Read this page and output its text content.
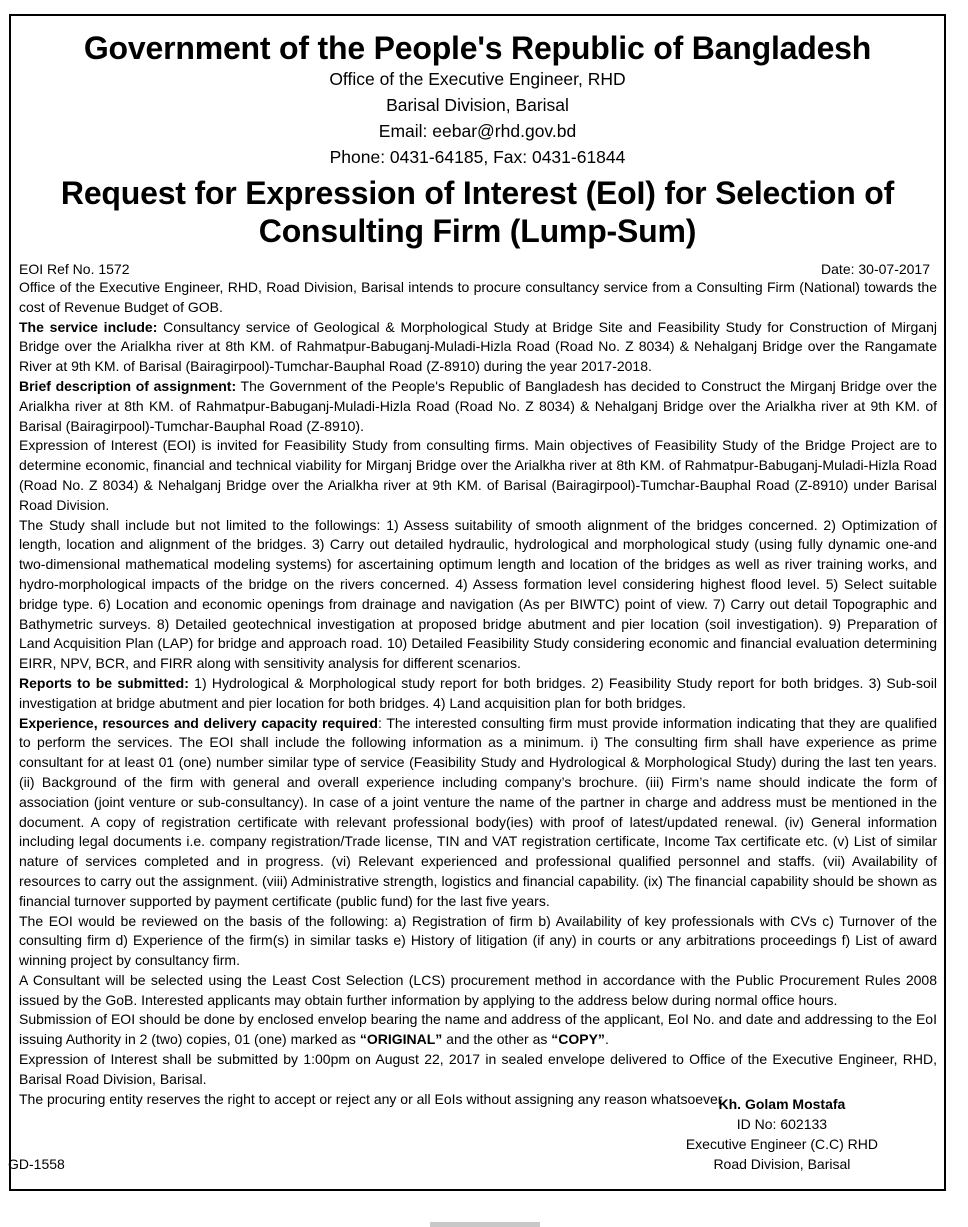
Government of the People's Republic of Bangladesh
Office of the Executive Engineer, RHD
Barisal Division, Barisal
Email: eebar@rhd.gov.bd
Phone: 0431-64185, Fax: 0431-61844
Request for Expression of Interest (EoI) for Selection of Consulting Firm (Lump-Sum)
EOI Ref No. 1572	Date: 30-07-2017

Office of the Executive Engineer, RHD, Road Division, Barisal intends to procure consultancy service from a Consulting Firm (National) towards the cost of Revenue Budget of GOB.

The service include: Consultancy service of Geological & Morphological Study at Bridge Site and Feasibility Study for Construction of Mirganj Bridge over the Arialkha river at 8th KM. of Rahmatpur-Babuganj-Muladi-Hizla Road (Road No. Z 8034) & Nehalganj Bridge over the Rangamate River at 9th KM. of Barisal (Bairagirpool)-Tumchar-Bauphal Road (Z-8910) during the year 2017-2018.

Brief description of assignment: The Government of the People's Republic of Bangladesh has decided to Construct the Mirganj Bridge over the Arialkha river at 8th KM. of Rahmatpur-Babuganj-Muladi-Hizla Road (Road No. Z 8034) & Nehalganj Bridge over the Arialkha river at 9th KM. of Barisal (Bairagirpool)-Tumchar-Bauphal Road (Z-8910).

Expression of Interest (EOI) is invited for Feasibility Study from consulting firms. Main objectives of Feasibility Study of the Bridge Project are to determine economic, financial and technical viability for Mirganj Bridge over the Arialkha river at 8th KM. of Rahmatpur-Babuganj-Muladi-Hizla Road (Road No. Z 8034) & Nehalganj Bridge over the Arialkha river at 9th KM. of Barisal (Bairagirpool)-Tumchar-Bauphal Road (Z-8910) under Barisal Road Division.

The Study shall include but not limited to the followings: 1) Assess suitability of smooth alignment of the bridges concerned. 2) Optimization of length, location and alignment of the bridges. 3) Carry out detailed hydraulic, hydrological and morphological study (using fully dynamic one-and two-dimensional mathematical modeling systems) for ascertaining optimum length and location of the bridges as well as river training works, and hydro-morphological impacts of the bridge on the rivers concerned. 4) Assess formation level considering highest flood level. 5) Select suitable bridge type. 6) Location and economic openings from drainage and navigation (As per BIWTC) point of view. 7) Carry out detail Topographic and Bathymetric surveys. 8) Detailed geotechnical investigation at proposed bridge abutment and pier location (soil investigation). 9) Preparation of Land Acquisition Plan (LAP) for bridge and approach road. 10) Detailed Feasibility Study considering economic and financial evaluation determining EIRR, NPV, BCR, and FIRR along with sensitivity analysis for different scenarios.

Reports to be submitted: 1) Hydrological & Morphological study report for both bridges. 2) Feasibility Study report for both bridges. 3) Sub-soil investigation at bridge abutment and pier location for both bridges. 4) Land acquisition plan for both bridges.

Experience, resources and delivery capacity required: The interested consulting firm must provide information indicating that they are qualified to perform the services. The EOI shall include the following information as a minimum. i) The consulting firm shall have experience as prime consultant for at least 01 (one) number similar type of service (Feasibility Study and Hydrological & Morphological Study) during the last ten years. (ii) Background of the firm with general and overall experience including company’s brochure. (iii) Firm’s name should indicate the form of association (joint venture or sub-consultancy). In case of a joint venture the name of the partner in charge and address must be mentioned in the document. A copy of registration certificate with relevant professional body(ies) with proof of latest/updated renewal. (iv) General information including legal documents i.e. company registration/Trade license, TIN and VAT registration certificate, Income Tax certificate etc. (v) List of similar nature of services completed and in progress. (vi) Relevant experienced and professional qualified personnel and staffs. (vii) Availability of resources to carry out the assignment. (viii) Administrative strength, logistics and financial capability. (ix) The financial capability should be shown as financial turnover supported by payment certificate (public fund) for the last five years.

The EOI would be reviewed on the basis of the following: a) Registration of firm b) Availability of key professionals with CVs c) Turnover of the consulting firm d) Experience of the firm(s) in similar tasks e) History of litigation (if any) in courts or any arbitrations proceedings f) List of award winning project by consultancy firm.

A Consultant will be selected using the Least Cost Selection (LCS) procurement method in accordance with the Public Procurement Rules 2008 issued by the GoB. Interested applicants may obtain further information by applying to the address below during normal office hours.

Submission of EOI should be done by enclosed envelop bearing the name and address of the applicant, EoI No. and date and addressing to the EoI issuing Authority in 2 (two) copies, 01 (one) marked as “ORIGINAL” and the other as “COPY”.

Expression of Interest shall be submitted by 1:00pm on August 22, 2017 in sealed envelope delivered to Office of the Executive Engineer, RHD, Barisal Road Division, Barisal.

The procuring entity reserves the right to accept or reject any or all EoIs without assigning any reason whatsoever.

Kh. Golam Mostafa
ID No: 602133
Executive Engineer (C.C) RHD
Road Division, Barisal
GD-1558
